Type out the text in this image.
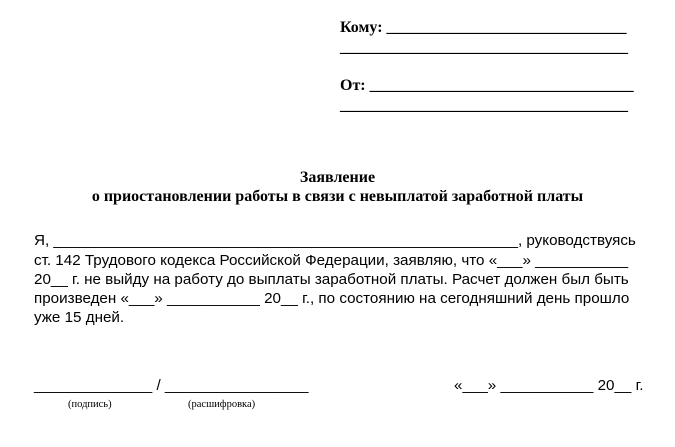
Кому: ______________________________
____________________________________
От: _________________________________
____________________________________
Заявление
о приостановлении работы в связи с невыплатой заработной платы
Я, _______________________________________________________, руководствуясь
ст. 142 Трудового кодекса Российской Федерации, заявляю, что «___» ___________
20__ г. не выйду на работу до выплаты заработной платы. Расчет должен был быть
произведен «___» ___________ 20__ г., по состоянию на сегодняшний день прошло
уже 15 дней.
______________ / _________________
(подпись)	(расшифровка)
«___» ___________ 20__ г.
